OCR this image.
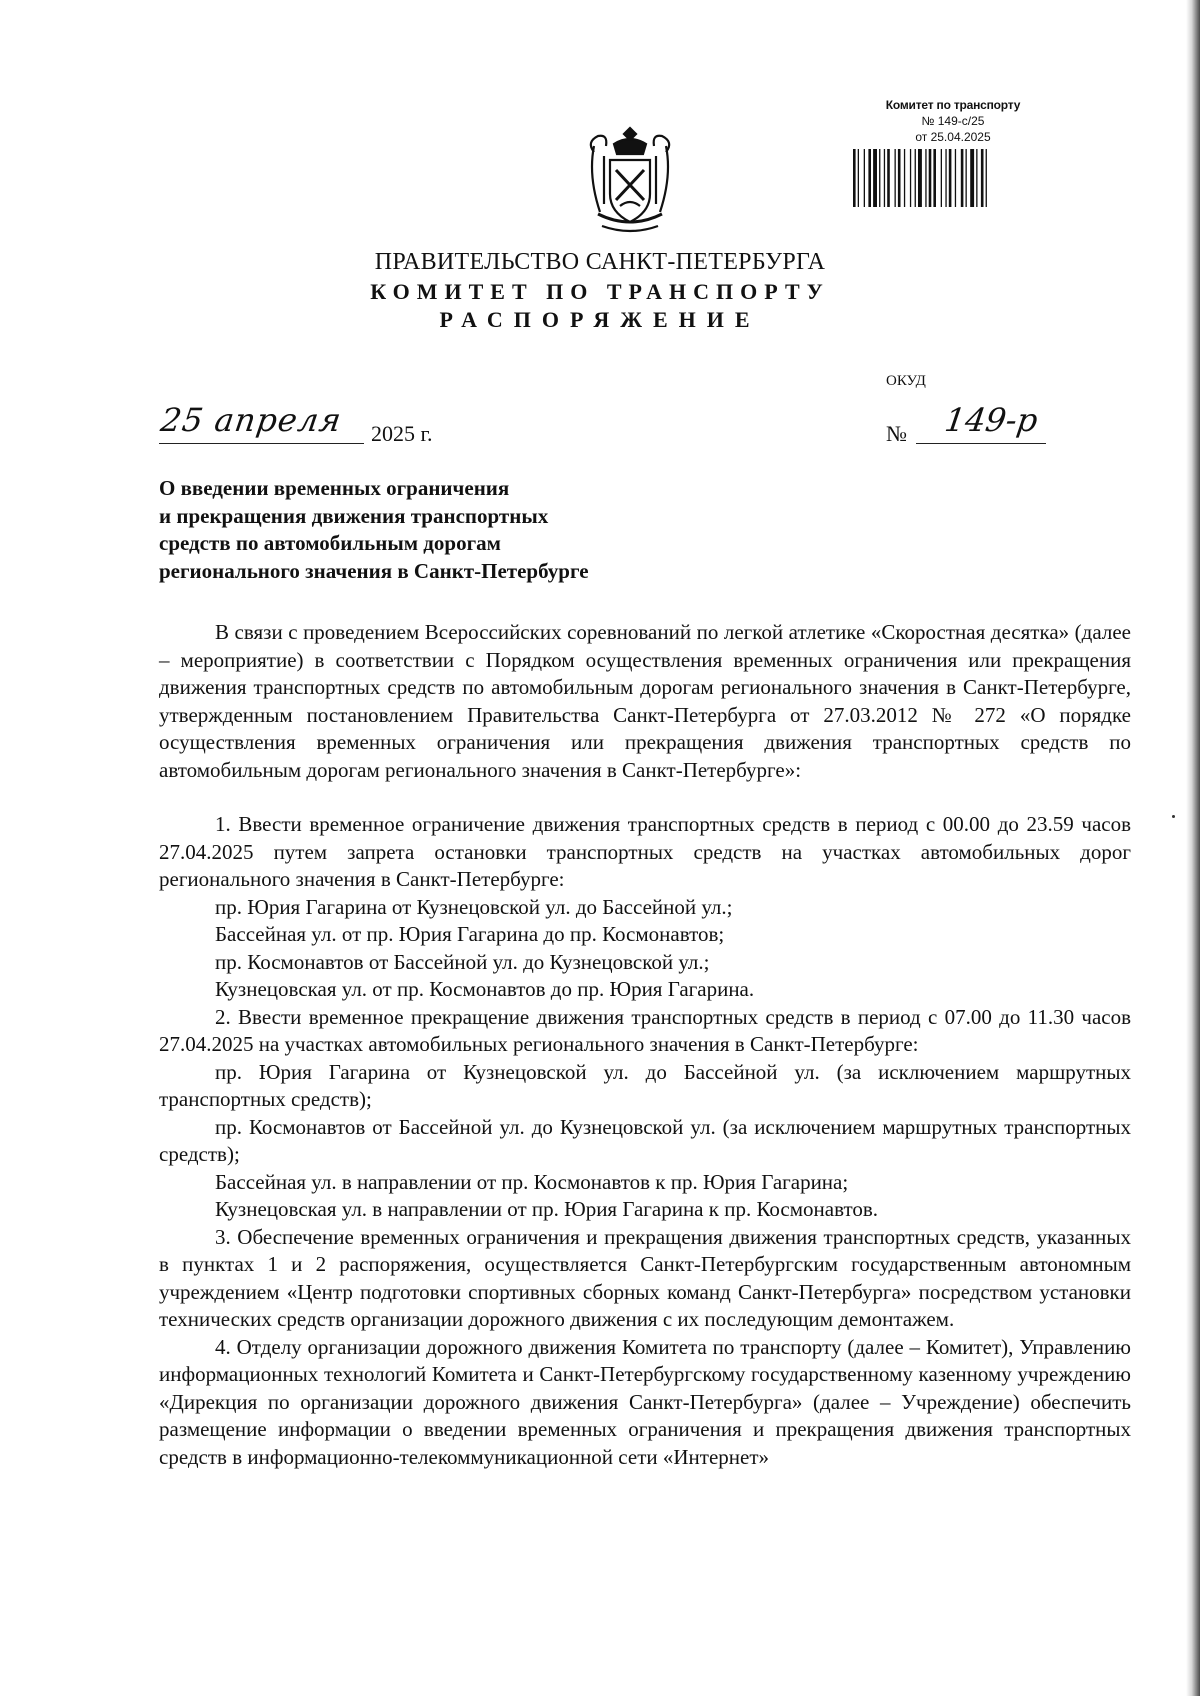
Комитет по транспорту
№ 149-с/25
от 25.04.2025
ПРАВИТЕЛЬСТВО САНКТ-ПЕТЕРБУРГА
КОМИТЕТ ПО ТРАНСПОРТУ
РАСПОРЯЖЕНИЕ
ОКУД
25 апреля 2025 г.	№ 149-р
О введении временных ограничения
и прекращения движения транспортных
средств по автомобильным дорогам
регионального значения в Санкт-Петербурге

В связи с проведением Всероссийских соревнований по легкой атлетике «Скоростная десятка» (далее – мероприятие) в соответствии с Порядком осуществления временных ограничения или прекращения движения транспортных средств по автомобильным дорогам регионального значения в Санкт-Петербурге, утвержденным постановлением Правительства Санкт-Петербурга от 27.03.2012 № 272 «О порядке осуществления временных ограничения или прекращения движения транспортных средств по автомобильным дорогам регионального значения в Санкт-Петербурге»:

1. Ввести временное ограничение движения транспортных средств в период с 00.00 до 23.59 часов 27.04.2025 путем запрета остановки транспортных средств на участках автомобильных дорог регионального значения в Санкт-Петербурге:

пр. Юрия Гагарина от Кузнецовской ул. до Бассейной ул.;

Бассейная ул. от пр. Юрия Гагарина до пр. Космонавтов;

пр. Космонавтов от Бассейной ул. до Кузнецовской ул.;

Кузнецовская ул. от пр. Космонавтов до пр. Юрия Гагарина.

2. Ввести временное прекращение движения транспортных средств в период с 07.00 до 11.30 часов 27.04.2025 на участках автомобильных регионального значения в Санкт-Петербурге:

пр. Юрия Гагарина от Кузнецовской ул. до Бассейной ул. (за исключением маршрутных транспортных средств);

пр. Космонавтов от Бассейной ул. до Кузнецовской ул. (за исключением маршрутных транспортных средств);

Бассейная ул. в направлении от пр. Космонавтов к пр. Юрия Гагарина;

Кузнецовская ул. в направлении от пр. Юрия Гагарина к пр. Космонавтов.

3. Обеспечение временных ограничения и прекращения движения транспортных средств, указанных в пунктах 1 и 2 распоряжения, осуществляется Санкт-Петербургским государственным автономным учреждением «Центр подготовки спортивных сборных команд Санкт-Петербурга» посредством установки технических средств организации дорожного движения с их последующим демонтажем.

4. Отделу организации дорожного движения Комитета по транспорту (далее – Комитет), Управлению информационных технологий Комитета и Санкт-Петербургскому государственному казенному учреждению «Дирекция по организации дорожного движения Санкт-Петербурга» (далее – Учреждение) обеспечить размещение информации о введении временных ограничения и прекращения движения транспортных средств в информационно-телекоммуникационной сети «Интернет»
